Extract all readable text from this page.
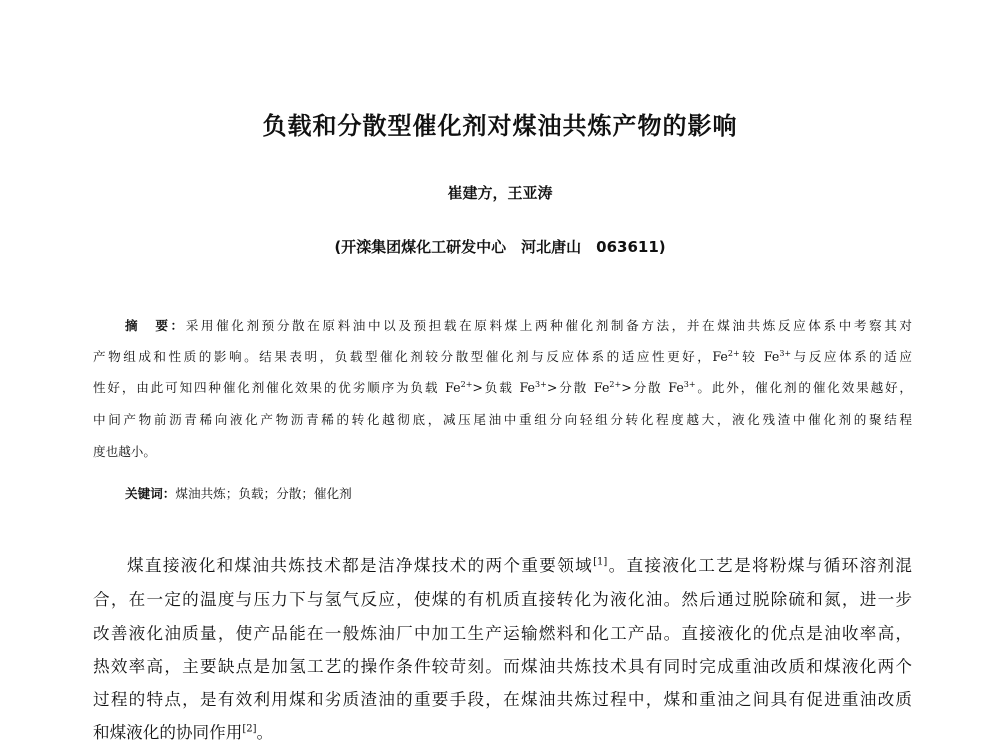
负载和分散型催化剂对煤油共炼产物的影响
崔建方，王亚涛
(开滦集团煤化工研发中心　河北唐山　063611)
摘　要：采用催化剂预分散在原料油中以及预担载在原料煤上两种催化剂制备方法，并在煤油共炼反应体系中考察其对
产物组成和性质的影响。结果表明，负载型催化剂较分散型催化剂与反应体系的适应性更好，$Fe^{2+}$较 $Fe^{3+}$与反应体系的适应
性好，由此可知四种催化剂催化效果的优劣顺序为负载 $Fe^{2+}>$负载 $Fe^{3+}>$分散 $Fe^{2+}>$分散 $Fe^{3+}$。此外，催化剂的催化效果越好，
中间产物前沥青稀向液化产物沥青稀的转化越彻底，减压尾油中重组分向轻组分转化程度越大，液化残渣中催化剂的聚结程
度也越小。
关键词：煤油共炼；负载；分散；催化剂
煤直接液化和煤油共炼技术都是洁净煤技术的两个重要领域[1]。直接液化工艺是将粉煤与循环溶剂混
合，在一定的温度与压力下与氢气反应，使煤的有机质直接转化为液化油。然后通过脱除硫和氮，进一步
改善液化油质量，使产品能在一般炼油厂中加工生产运输燃料和化工产品。直接液化的优点是油收率高，
热效率高，主要缺点是加氢工艺的操作条件较苛刻。而煤油共炼技术具有同时完成重油改质和煤液化两个
过程的特点，是有效利用煤和劣质渣油的重要手段，在煤油共炼过程中，煤和重油之间具有促进重油改质
和煤液化的协同作用[2]。
